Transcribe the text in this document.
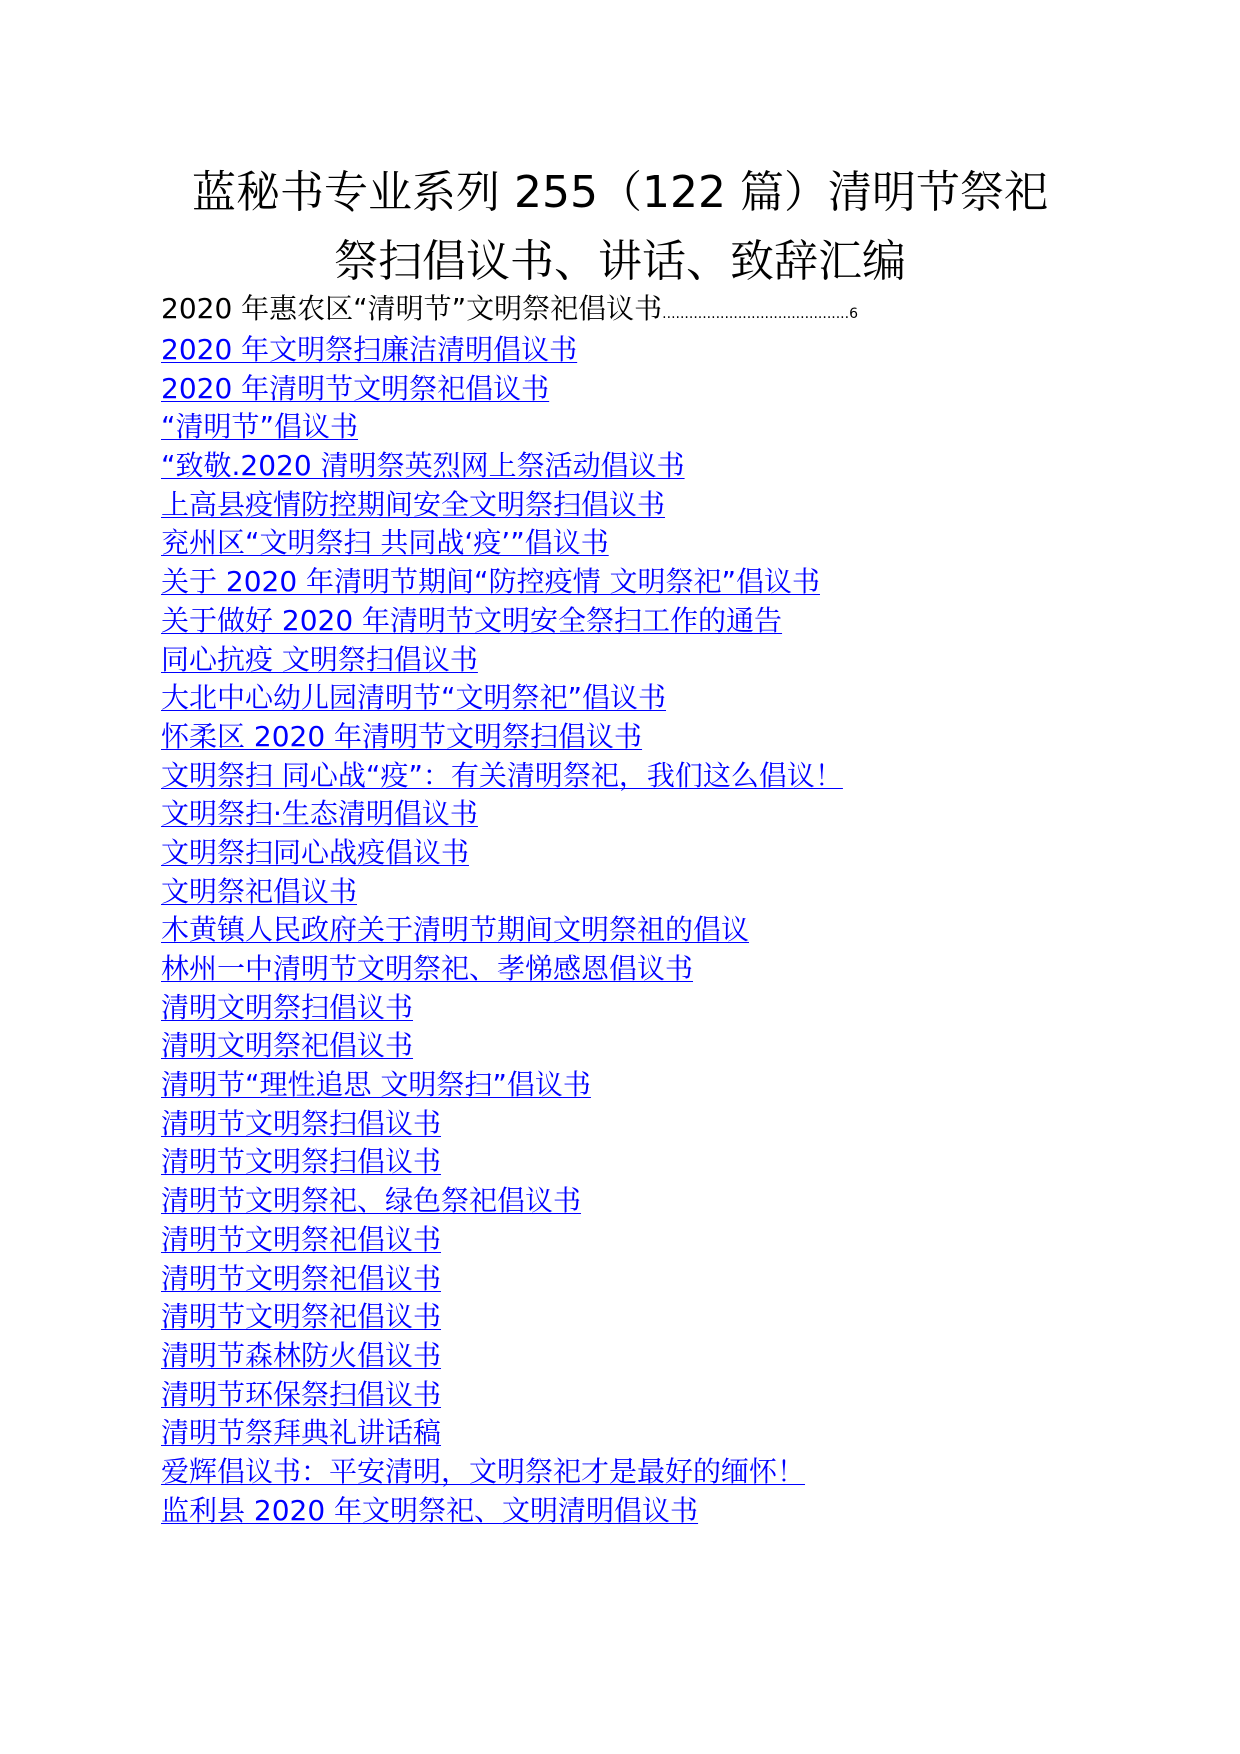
蓝秘书专业系列 255（122 篇）清明节祭祀
祭扫倡议书、讲话、致辞汇编
2020 年惠农区“清明节”文明祭祀倡议书..........................................6
2020 年文明祭扫廉洁清明倡议书
2020 年清明节文明祭祀倡议书
“清明节”倡议书
“致敬.2020 清明祭英烈网上祭活动倡议书
上高县疫情防控期间安全文明祭扫倡议书
兖州区“文明祭扫 共同战‘疫’”倡议书
关于 2020 年清明节期间“防控疫情 文明祭祀”倡议书
关于做好 2020 年清明节文明安全祭扫工作的通告
同心抗疫 文明祭扫倡议书
大北中心幼儿园清明节“文明祭祀”倡议书
怀柔区 2020 年清明节文明祭扫倡议书
文明祭扫 同心战“疫”：有关清明祭祀，我们这么倡议！
文明祭扫·生态清明倡议书
文明祭扫同心战疫倡议书
文明祭祀倡议书
木黄镇人民政府关于清明节期间文明祭祖的倡议
林州一中清明节文明祭祀、孝悌感恩倡议书
清明文明祭扫倡议书
清明文明祭祀倡议书
清明节“理性追思 文明祭扫”倡议书
清明节文明祭扫倡议书
清明节文明祭扫倡议书
清明节文明祭祀、绿色祭祀倡议书
清明节文明祭祀倡议书
清明节文明祭祀倡议书
清明节文明祭祀倡议书
清明节森林防火倡议书
清明节环保祭扫倡议书
清明节祭拜典礼讲话稿
爱辉倡议书：平安清明，文明祭祀才是最好的缅怀！
监利县 2020 年文明祭祀、文明清明倡议书
